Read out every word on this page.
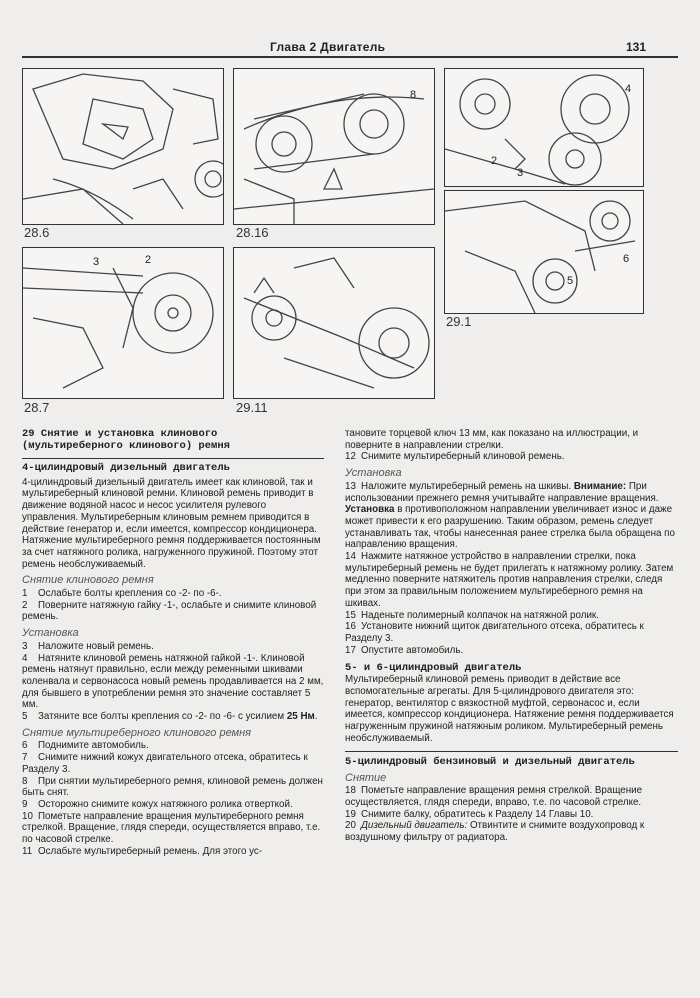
Глава 2 Двигатель	131
28.6
8
28.16
4
2
3
3	2
28.7	29.11
6
5
29.1
29 Снятие и установка клинового (мультиреберного клинового) ремня
4-цилиндровый дизельный двигатель

4-цилиндровый дизельный двигатель имеет как клиновой, так и мультиреберный клиновой ремни. Клиновой ремень приводит в движение водяной насос и несос усилителя рулевого управления. Мультиреберным клиновым ремнем приводится в действие генератор и, если имеется, компрессор кондиционера. Натяжение мультиреберного ремня поддерживается постоянным за счет натяжного ролика, нагруженного пружиной. Поэтому этот ремень необслуживаемый.

Снятие клинового ремня

1 Ослабьте болты крепления со -2- по -6-.

2 Поверните натяжную гайку -1-, ослабьте и снимите клиновой ремень.

Установка

3 Наложите новый ремень.

4 Натяните клиновой ремень натяжной гайкой -1-. Клиновой ремень натянут правильно, если между ременными шкивами коленвала и сервонасоса новый ремень продавливается на 2 мм, для бывшего в употреблении ремня это значение составляет 5 мм.

5 Затяните все болты крепления со -2- по -6- с усилием 25 Нм.

Снятие мультиреберного клинового ремня

6 Поднимите автомобиль.

7 Снимите нижний кожух двигательного отсека, обратитесь к Разделу 3.

8 При снятии мультиреберного ремня, клиновой ремень должен быть снят.

9 Осторожно снимите кожух натяжного ролика отверткой.

10 Пометьте направление вращения мультиреберного ремня стрелкой. Вращение, глядя спереди, осуществляется вправо, т.е. по часовой стрелке.

11 Ослабьте мультиреберный ремень. Для этого ус-

тановите торцевой ключ 13 мм, как показано на иллюстрации, и поверните в направлении стрелки.

12 Снимите мультиреберный клиновой ремень.

Установка

13 Наложите мультиреберный ремень на шкивы. Внимание: При использовании прежнего ремня учитывайте направление вращения. Установка в противоположном направлении увеличивает износ и даже может привести к его разрушению. Таким образом, ремень следует устанавливать так, чтобы нанесенная ранее стрелка была обращена по направлению вращения.

14 Нажмите натяжное устройство в направлении стрелки, пока мультиреберный ремень не будет прилегать к натяжному ролику. Затем медленно поверните натяжитель против направления стрелки, следя при этом за правильным положением мультиреберного ремня на шкивах.

15 Наденьте полимерный колпачок на натяжной ролик.

16 Установите нижний щиток двигательного отсека, обратитесь к Разделу 3.

17 Опустите автомобиль.

5- и 6-цилиндровый двигатель

Мультиреберный клиновой ремень приводит в действие все вспомогательные агрегаты. Для 5-цилиндрового двигателя это: генератор, вентилятор с вязкостной муфтой, сервонасос и, если имеется, компрессор кондиционера. Натяжение ремня поддерживается нагруженным пружиной натяжным роликом. Мультиреберный ремень необслуживаемый.

5-цилиндровый бензиновый и дизельный двигатель
Снятие

18 Пометьте направление вращения ремня стрелкой. Вращение осуществляется, глядя спереди, вправо, т.е. по часовой стрелке.

19 Снимите балку, обратитесь к Разделу 14 Главы 10.

20 Дизельный двигатель: Отвинтите и снимите воздухопровод к воздушному фильтру от радиатора.
